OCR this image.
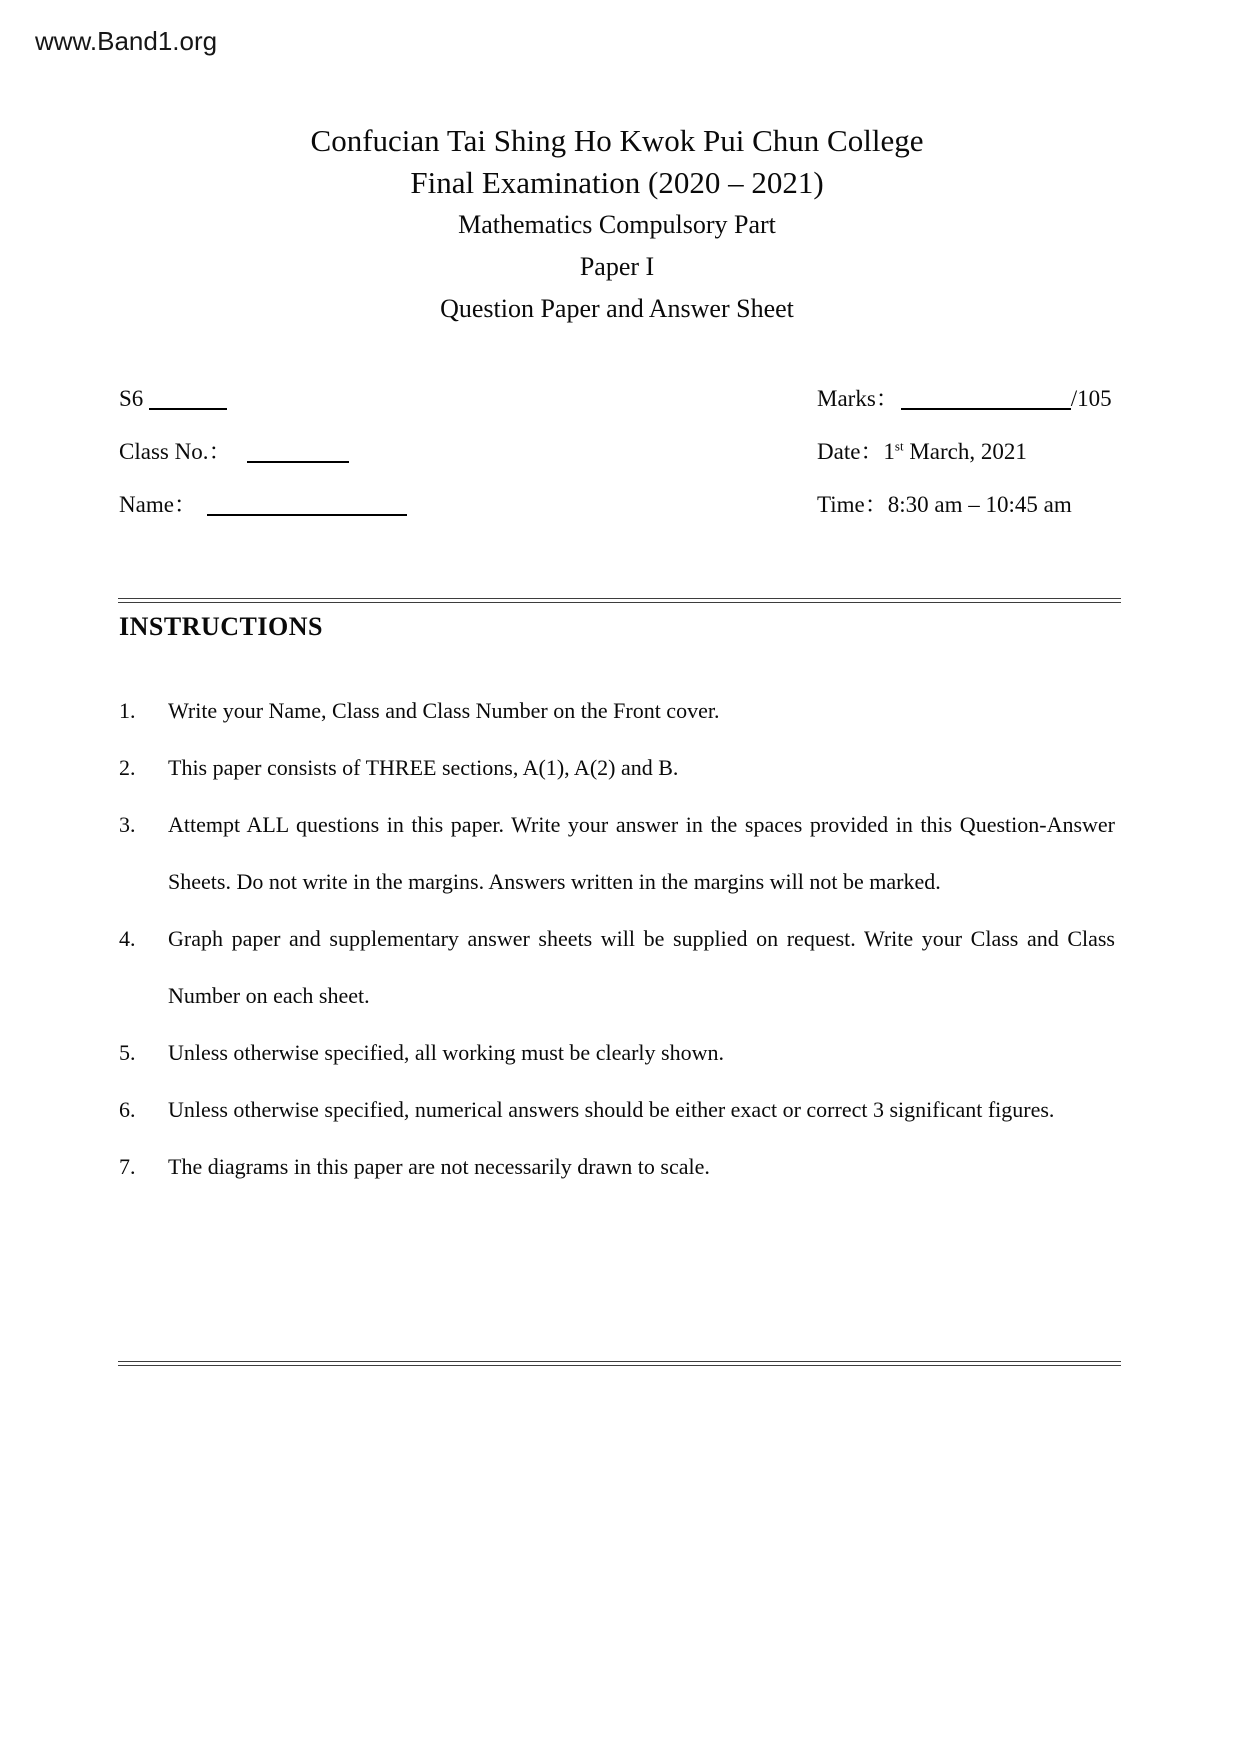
www.Band1.org
Confucian Tai Shing Ho Kwok Pui Chun College
Final Examination (2020 – 2021)
Mathematics Compulsory Part
Paper I
Question Paper and Answer Sheet
S6	Marks：	/105
Class No.：	Date：1st March, 2021
Name：	Time：8:30 am – 10:45 am
INSTRUCTIONS
1.	Write your Name, Class and Class Number on the Front cover.
2.	This paper consists of THREE sections, A(1), A(2) and B.
3.	Attempt ALL questions in this paper. Write your answer in the spaces provided in this Question-Answer Sheets. Do not write in the margins. Answers written in the margins will not be marked.
4.	Graph paper and supplementary answer sheets will be supplied on request. Write your Class and Class Number on each sheet.
5.	Unless otherwise specified, all working must be clearly shown.
6.	Unless otherwise specified, numerical answers should be either exact or correct 3 significant figures.
7.	The diagrams in this paper are not necessarily drawn to scale.
